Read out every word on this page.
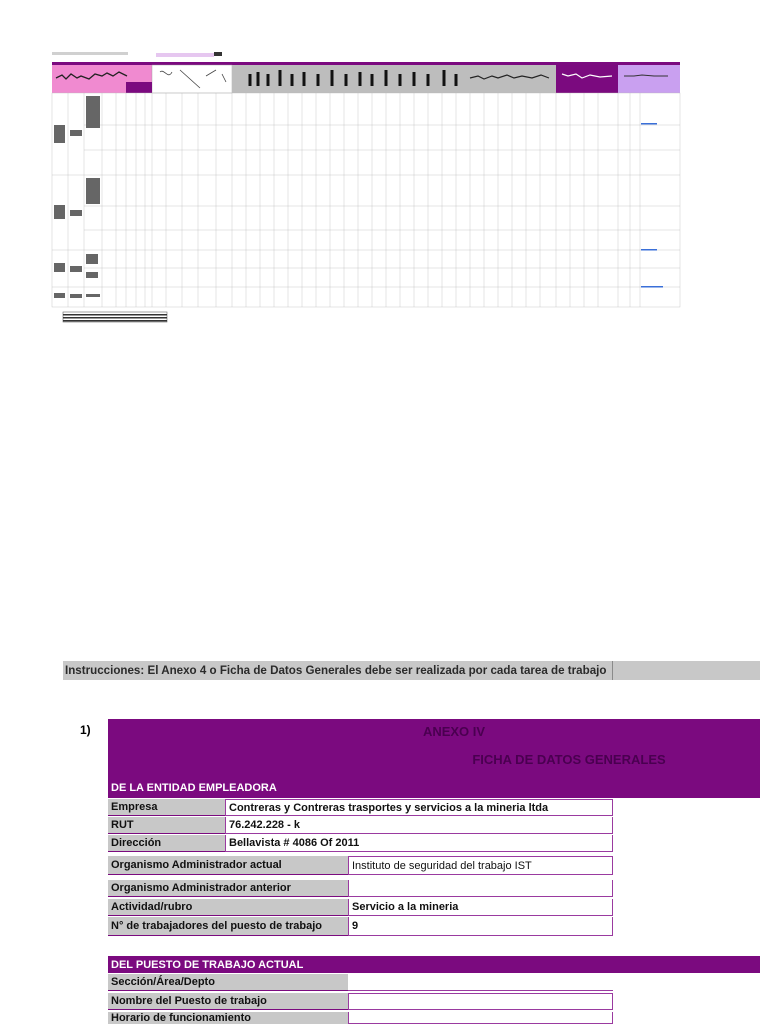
Instrucciones: El Anexo 4 o Ficha de Datos Generales debe ser realizada por cada tarea de trabajo
1)	ANEXO IV
FICHA DE DATOS GENERALES
DE LA ENTIDAD EMPLEADORA
Empresa	Contreras y Contreras trasportes y servicios a la mineria ltda
RUT	76.242.228 - k
Dirección	Bellavista # 4086 Of 2011
Organismo Administrador actual	Instituto de seguridad del trabajo IST
Organismo Administrador anterior
Actividad/rubro	Servicio a la mineria
N° de trabajadores del puesto de trabajo	9
DEL PUESTO DE TRABAJO ACTUAL
Sección/Área/Depto
Nombre del Puesto de trabajo
Horario de funcionamiento
